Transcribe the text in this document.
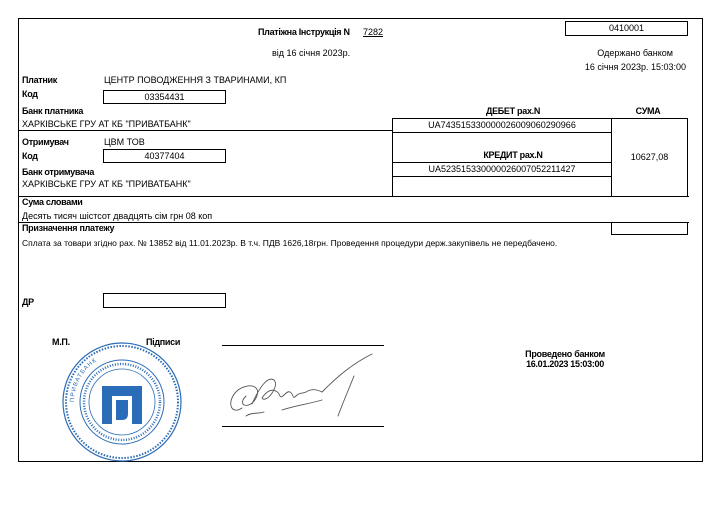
Платіжна Інструкція N 7282	0410001
від 16 січня 2023р.	Одержано банком
16 січня 2023р. 15:03:00
Платник	ЦЕНТР ПОВОДЖЕННЯ З ТВАРИНАМИ, КП
Код	03354431
Банк платника
ХАРКІВСЬКЕ ГРУ АТ КБ "ПРИВАТБАНК"
ДЕБЕТ рах.N	СУМА
UA743515330000026009060290966
10627,08
Отримувач	ЦВМ ТОВ
Код	40377404	КРЕДИТ рах.N
UA523515330000026007052211427
Банк отримувача
ХАРКІВСЬКЕ ГРУ АТ КБ "ПРИВАТБАНК"
Сума словами
Десять тисяч шістсот двадцять сім грн 08 коп
Призначення платежу
Сплата за товари згідно рах. № 13852 від 11.01.2023р. В т.ч. ПДВ 1626,18грн. Проведення процедури держ.закупівель не передбачено.
ДР
М.П.	Підписи
Проведено банком
16.01.2023 15:03:00
ПРИВАТБАНК
